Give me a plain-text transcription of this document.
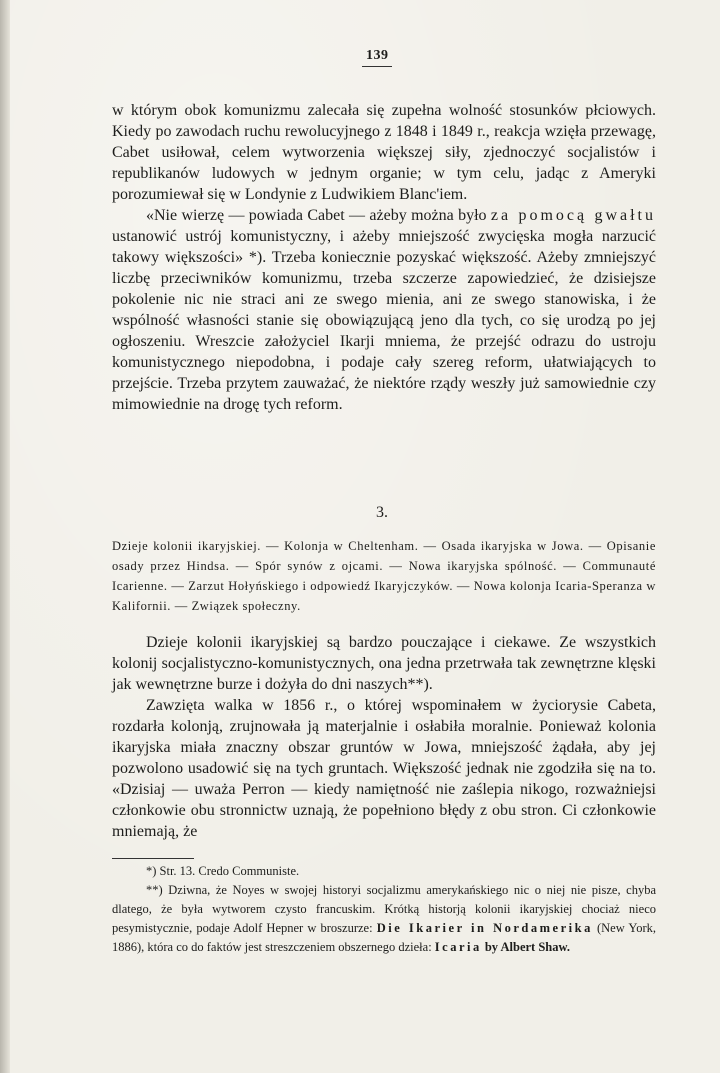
139

w którym obok komunizmu zalecała się zupełna wolność stosunków płciowych. Kiedy po zawodach ruchu rewolucyjnego z 1848 i 1849 r., reakcja wzięła przewagę, Cabet usiłował, celem wytworzenia większej siły, zjednoczyć socjalistów i republikanów ludowych w jednym organie; w tym celu, jadąc z Ameryki porozumiewał się w Londynie z Ludwikiem Blanc'iem.

«Nie wierzę — powiada Cabet — ażeby można było za pomocą gwałtu ustanowić ustrój komunistyczny, i ażeby mniejszość zwycięska mogła narzucić takowy większości» *). Trzeba koniecznie pozyskać większość. Ażeby zmniejszyć liczbę przeciwników komunizmu, trzeba szczerze zapowiedzieć, że dzisiejsze pokolenie nic nie straci ani ze swego mienia, ani ze swego stanowiska, i że wspólność własności stanie się obowiązującą jeno dla tych, co się urodzą po jej ogłoszeniu. Wreszcie założyciel Ikarji mniema, że przejść odrazu do ustroju komunistycznego niepodobna, i podaje cały szereg reform, ułatwiających to przejście. Trzeba przytem zauważać, że niektóre rządy weszły już samowiednie czy mimowiednie na drogę tych reform.

3.
Dzieje kolonii ikaryjskiej. — Kolonja w Cheltenham. — Osada ikaryjska w Jowa. — Opisanie osady przez Hindsa. — Spór synów z ojcami. — Nowa ikaryjska spólność. — Communauté Icarienne. — Zarzut Hołyńskiego i odpowiedź Ikaryjczyków. — Nowa kolonja Icaria-Speranza w Kalifornii. — Związek społeczny.

Dzieje kolonii ikaryjskiej są bardzo pouczające i ciekawe. Ze wszystkich kolonij socjalistyczno-komunistycznych, ona jedna przetrwała tak zewnętrzne klęski jak wewnętrzne burze i dożyła do dni naszych**).

Zawzięta walka w 1856 r., o której wspominałem w życiorysie Cabeta, rozdarła kolonją, zrujnowała ją materjalnie i osłabiła moralnie. Ponieważ kolonia ikaryjska miała znaczny obszar gruntów w Jowa, mniejszość żądała, aby jej pozwolono usadowić się na tych gruntach. Większość jednak nie zgodziła się na to. «Dzisiaj — uważa Perron — kiedy namiętność nie zaślepia nikogo, rozważniejsi członkowie obu stronnictw uznają, że popełniono błędy z obu stron. Ci członkowie mniemają, że

*) Str. 13. Credo Communiste.

**) Dziwna, że Noyes w swojej historyi socjalizmu amerykańskiego nic o niej nie pisze, chyba dlatego, że była wytworem czysto francuskim. Krótką historją kolonii ikaryjskiej chociaż nieco pesymistycznie, podaje Adolf Hepner w broszurze: Die Ikarier in Nordamerika (New York, 1886), która co do faktów jest streszczeniem obszernego dzieła: Icaria by Albert Shaw.
